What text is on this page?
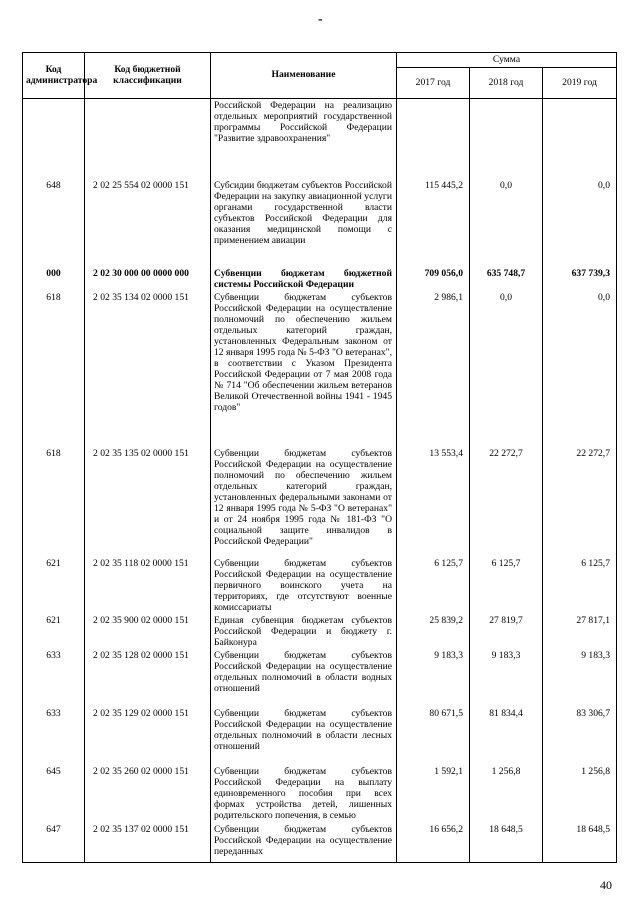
-
Код администратора	Код бюджетной классификации	Наименование	Сумма		
			2017 год	2018 год	2019 год
		Российской Федерации на реализацию отдельных мероприятий государственной программы Российской Федерации "Развитие здравоохранения"			
648	2 02 25 554 02 0000 151	Субсидии бюджетам субъектов Российской Федерации на закупку авиационной услуги органами государственной власти субъектов Российской Федерации для оказания медицинской помощи с применением авиации	115 445,2	0,0	0,0
000	2 02 30 000 00 0000 000	Субвенции бюджетам бюджетной системы Российской Федерации	709 056,0	635 748,7	637 739,3
618	2 02 35 134 02 0000 151	Субвенции бюджетам субъектов Российской Федерации на осуществление полномочий по обеспечению жильем отдельных категорий граждан, установленных Федеральным законом от 12 января 1995 года № 5-ФЗ "О ветеранах", в соответствии с Указом Президента Российской Федерации от 7 мая 2008 года № 714 "Об обеспечении жильем ветеранов Великой Отечественной войны 1941 - 1945 годов"	2 986,1	0,0	0,0
618	2 02 35 135 02 0000 151	Субвенции бюджетам субъектов Российской Федерации на осуществление полномочий по обеспечению жильем отдельных категорий граждан, установленных федеральными законами от 12 января 1995 года № 5-ФЗ "О ветеранах" и от 24 ноября 1995 года № 181-ФЗ "О социальной защите инвалидов в Российской Федерации"	13 553,4	22 272,7	22 272,7
621	2 02 35 118 02 0000 151	Субвенции бюджетам субъектов Российской Федерации на осуществление первичного воинского учета на территориях, где отсутствуют военные комиссариаты	6 125,7	6 125,7	6 125,7
621	2 02 35 900 02 0000 151	Единая субвенция бюджетам субъектов Российской Федерации и бюджету г. Байконура	25 839,2	27 819,7	27 817,1
633	2 02 35 128 02 0000 151	Субвенции бюджетам субъектов Российской Федерации на осуществление отдельных полномочий в области водных отношений	9 183,3	9 183,3	9 183,3
633	2 02 35 129 02 0000 151	Субвенции бюджетам субъектов Российской Федерации на осуществление отдельных полномочий в области лесных отношений	80 671,5	81 834,4	83 306,7
645	2 02 35 260 02 0000 151	Субвенции бюджетам субъектов Российской Федерации на выплату единовременного пособия при всех формах устройства детей, лишенных родительского попечения, в семью	1 592,1	1 256,8	1 256,8
647	2 02 35 137 02 0000 151	Субвенции бюджетам субъектов Российской Федерации на осуществление переданных	16 656,2	18 648,5	18 648,5
40
